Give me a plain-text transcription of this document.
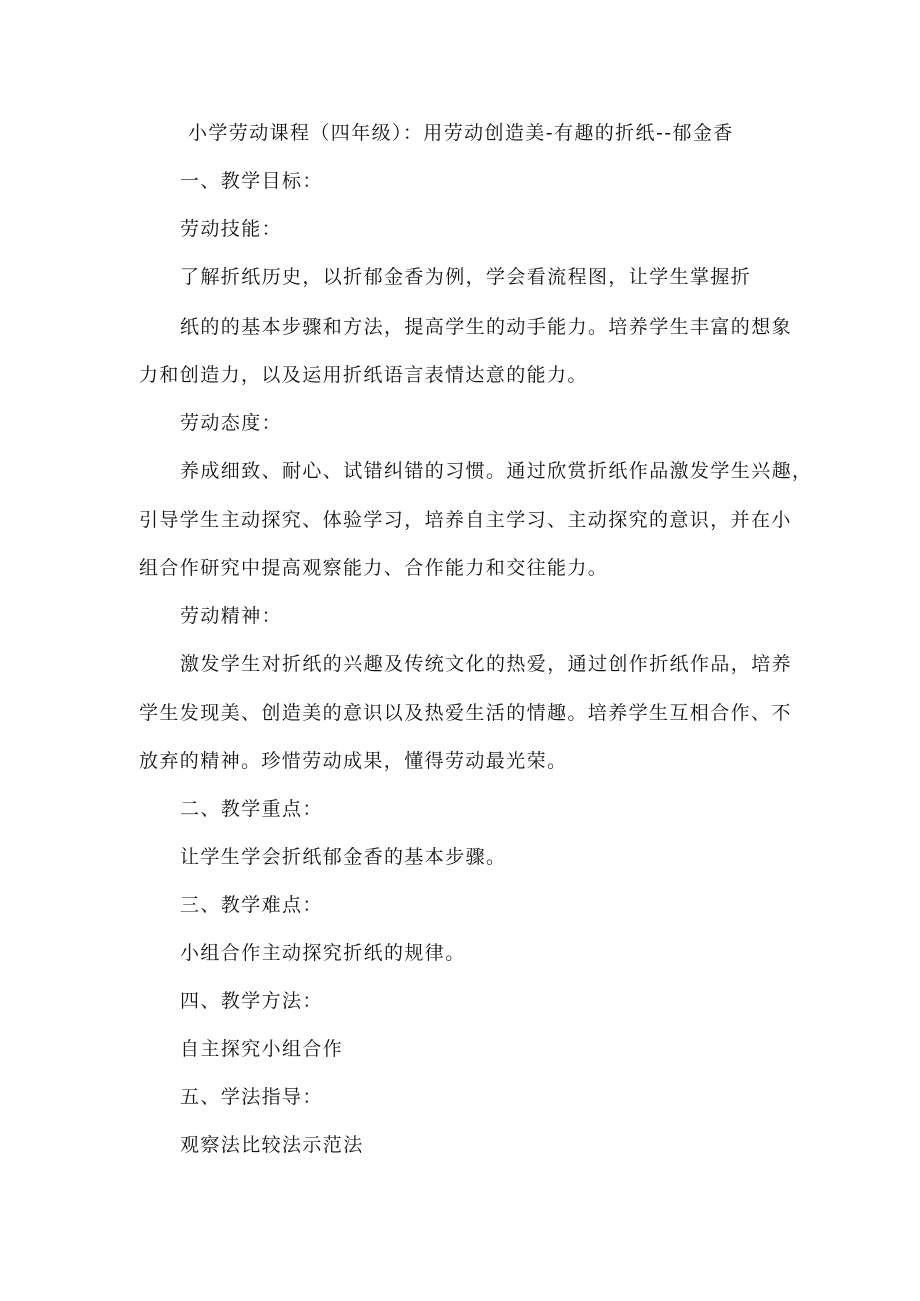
小学劳动课程（四年级）：用劳动创造美-有趣的折纸--郁金香
一、教学目标：
劳动技能：
了解折纸历史，以折郁金香为例，学会看流程图，让学生掌握折
纸的的基本步骤和方法，提高学生的动手能力。培养学生丰富的想象
力和创造力，以及运用折纸语言表情达意的能力。
劳动态度：
养成细致、耐心、试错纠错的习惯。通过欣赏折纸作品激发学生兴趣，
引导学生主动探究、体验学习，培养自主学习、主动探究的意识，并在小
组合作研究中提高观察能力、合作能力和交往能力。
劳动精神：
激发学生对折纸的兴趣及传统文化的热爱，通过创作折纸作品，培养
学生发现美、创造美的意识以及热爱生活的情趣。培养学生互相合作、不
放弃的精神。珍惜劳动成果，懂得劳动最光荣。
二、教学重点：
让学生学会折纸郁金香的基本步骤。
三、教学难点：
小组合作主动探究折纸的规律。
四、教学方法：
自主探究小组合作
五、学法指导：
观察法比较法示范法
